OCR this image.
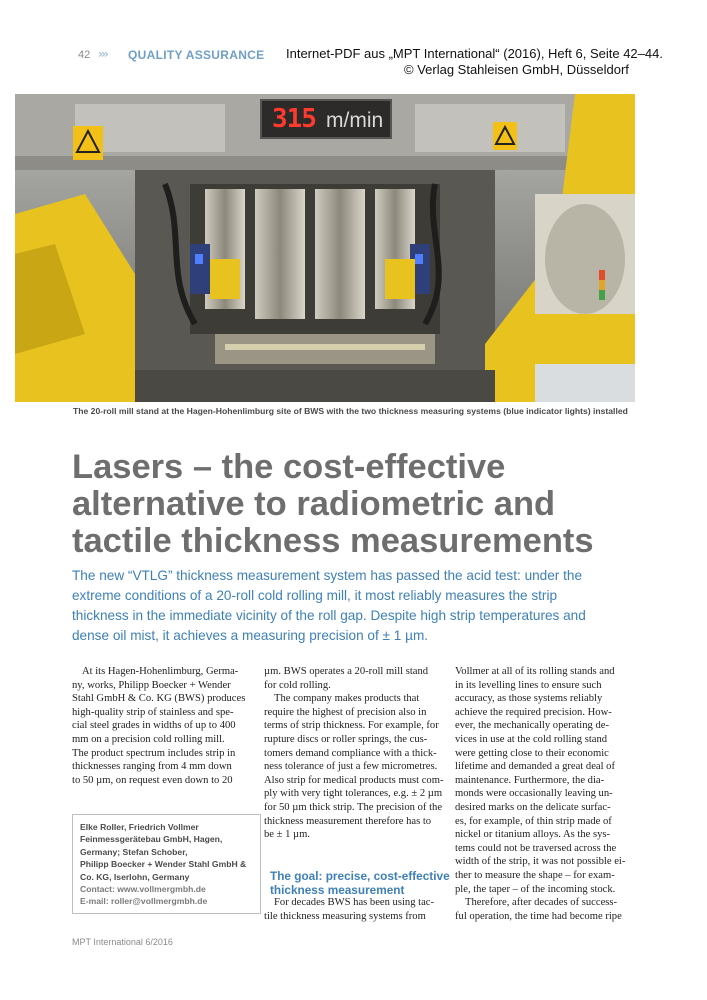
42 ››› QUALITY ASSURANCE Internet-PDF aus „MPT International“ (2016), Heft 6, Seite 42–44.
© Verlag Stahleisen GmbH, Düsseldorf
315 m/min
The 20-roll mill stand at the Hagen-Hohenlimburg site of BWS with the two thickness measuring systems (blue indicator lights) installed
Lasers – the cost-effective
alternative to radiometric and
tactile thickness measurements
The new “VTLG” thickness measurement system has passed the acid test: under the
extreme conditions of a 20-roll cold rolling mill, it most reliably measures the strip
thickness in the immediate vicinity of the roll gap. Despite high strip temperatures and
dense oil mist, it achieves a measuring precision of ± 1 µm.
At its Hagen-Hohenlimburg, Germa-
ny, works, Philipp Boecker + Wender
Stahl GmbH & Co. KG (BWS) produces
high-quality strip of stainless and spe-
cial steel grades in widths of up to 400
mm on a precision cold rolling mill.
The product spectrum includes strip in
thicknesses ranging from 4 mm down
to 50 µm, on request even down to 20
Elke Roller, Friedrich Vollmer
Feinmessgerätebau GmbH, Hagen,
Germany; Stefan Schober,
Philipp Boecker + Wender Stahl GmbH &
Co. KG, Iserlohn, Germany
Contact: www.vollmergmbh.de
E-mail: roller@vollmergmbh.de
µm. BWS operates a 20-roll mill stand
for cold rolling.
The company makes products that
require the highest of precision also in
terms of strip thickness. For example, for
rupture discs or roller springs, the cus-
tomers demand compliance with a thick-
ness tolerance of just a few micrometres.
Also strip for medical products must com-
ply with very tight tolerances, e.g. ± 2 µm
for 50 µm thick strip. The precision of the
thickness measurement therefore has to
be ± 1 µm.
The goal: precise, cost-effective
thickness measurement
For decades BWS has been using tac-
tile thickness measuring systems from
Vollmer at all of its rolling stands and
in its levelling lines to ensure such
accuracy, as those systems reliably
achieve the required precision. How-
ever, the mechanically operating de-
vices in use at the cold rolling stand
were getting close to their economic
lifetime and demanded a great deal of
maintenance. Furthermore, the dia-
monds were occasionally leaving un-
desired marks on the delicate surfac-
es, for example, of thin strip made of
nickel or titanium alloys. As the sys-
tems could not be traversed across the
width of the strip, it was not possible ei-
ther to measure the shape – for exam-
ple, the taper – of the incoming stock.
Therefore, after decades of success-
ful operation, the time had become ripe
MPT International 6/2016
